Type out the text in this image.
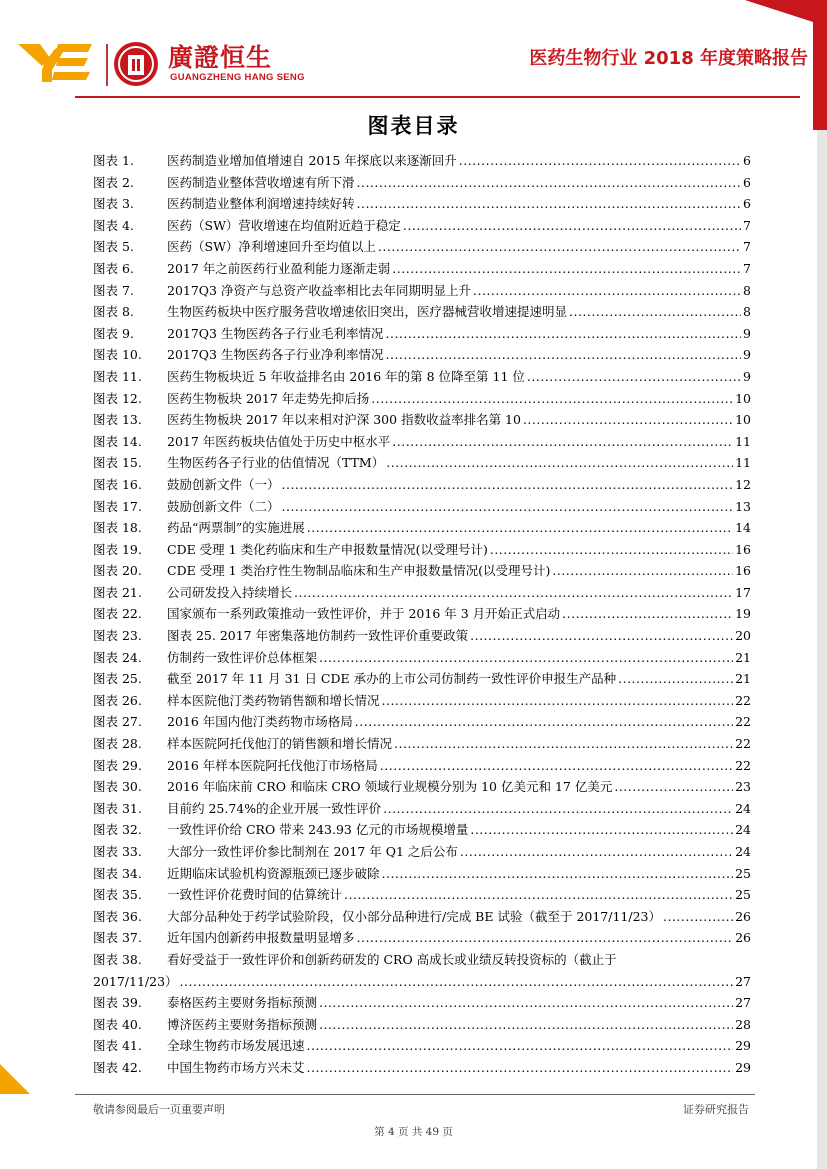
廣證恒生
GUANGZHENG HANG SENG
医药生物行业 2018 年度策略报告
图表目录
图表 1.	医药制造业增加值增速自 2015 年探底以来逐渐回升 .....	6
图表 2.	医药制造业整体营收增速有所下滑 .....	6
图表 3.	医药制造业整体利润增速持续好转 .....	6
图表 4.	医药（SW）营收增速在均值附近趋于稳定 .....	7
图表 5.	医药（SW）净利增速回升至均值以上 .....	7
图表 6.	2017 年之前医药行业盈利能力逐渐走弱 .....	7
图表 7.	2017Q3 净资产与总资产收益率相比去年同期明显上升 .....	8
图表 8.	生物医药板块中医疗服务营收增速依旧突出，医疗器械营收增速提速明显 .....	8
图表 9.	2017Q3 生物医药各子行业毛利率情况 .....	9
图表 10. 2017Q3 生物医药各子行业净利率情况 .....	9
图表 11. 医药生物板块近 5 年收益排名由 2016 年的第 8 位降至第 11 位 .....	9
图表 12. 医药生物板块 2017 年走势先抑后扬 .....	10
图表 13. 医药生物板块 2017 年以来相对沪深 300 指数收益率排名第 10 .....	10
图表 14. 2017 年医药板块估值处于历史中枢水平 .....	11
图表 15. 生物医药各子行业的估值情况（TTM） .....	11
图表 16. 鼓励创新文件（一） .....	12
图表 17. 鼓励创新文件（二） .....	13
图表 18. 药品“两票制”的实施进展 .....	14
图表 19. CDE 受理 1 类化药临床和生产申报数量情况(以受理号计) .....	16
图表 20. CDE 受理 1 类治疗性生物制品临床和生产申报数量情况(以受理号计) .....	16
图表 21. 公司研发投入持续增长 .....	17
图表 22. 国家颁布一系列政策推动一致性评价，并于 2016 年 3 月开始正式启动 .....	19
图表 23. 图表 25. 2017 年密集落地仿制药一致性评价重要政策 .....	20
图表 24. 仿制药一致性评价总体框架 .....	21
图表 25. 截至 2017 年 11 月 31 日 CDE 承办的上市公司仿制药一致性评价申报生产品种 .....	21
图表 26. 样本医院他汀类药物销售额和增长情况 .....	22
图表 27. 2016 年国内他汀类药物市场格局 .....	22
图表 28. 样本医院阿托伐他汀的销售额和增长情况 .....	22
图表 29. 2016 年样本医院阿托伐他汀市场格局 .....	22
图表 30. 2016 年临床前 CRO 和临床 CRO 领域行业规模分别为 10 亿美元和 17 亿美元 .....	23
图表 31. 目前约 25.74%的企业开展一致性评价 .....	24
图表 32. 一致性评价给 CRO 带来 243.93 亿元的市场规模增量 .....	24
图表 33. 大部分一致性评价参比制剂在 2017 年 Q1 之后公布 .....	24
图表 34. 近期临床试验机构资源瓶颈已逐步破除 .....	25
图表 35. 一致性评价花费时间的估算统计 .....	25
图表 36. 大部分品种处于药学试验阶段，仅小部分品种进行/完成 BE 试验（截至于 2017/11/23） .....	26
图表 37. 近年国内创新药申报数量明显增多 .....	26
图表 38. 看好受益于一致性评价和创新药研发的 CRO 高成长或业绩反转投资标的（截止于
2017/11/23） .....	27
图表 39. 泰格医药主要财务指标预测 .....	27
图表 40. 博济医药主要财务指标预测 .....	28
图表 41. 全球生物药市场发展迅速 .....	29
图表 42. 中国生物药市场方兴未艾 .....	29
敬请参阅最后一页重要声明	证券研究报告
第 4 页 共 49 页
